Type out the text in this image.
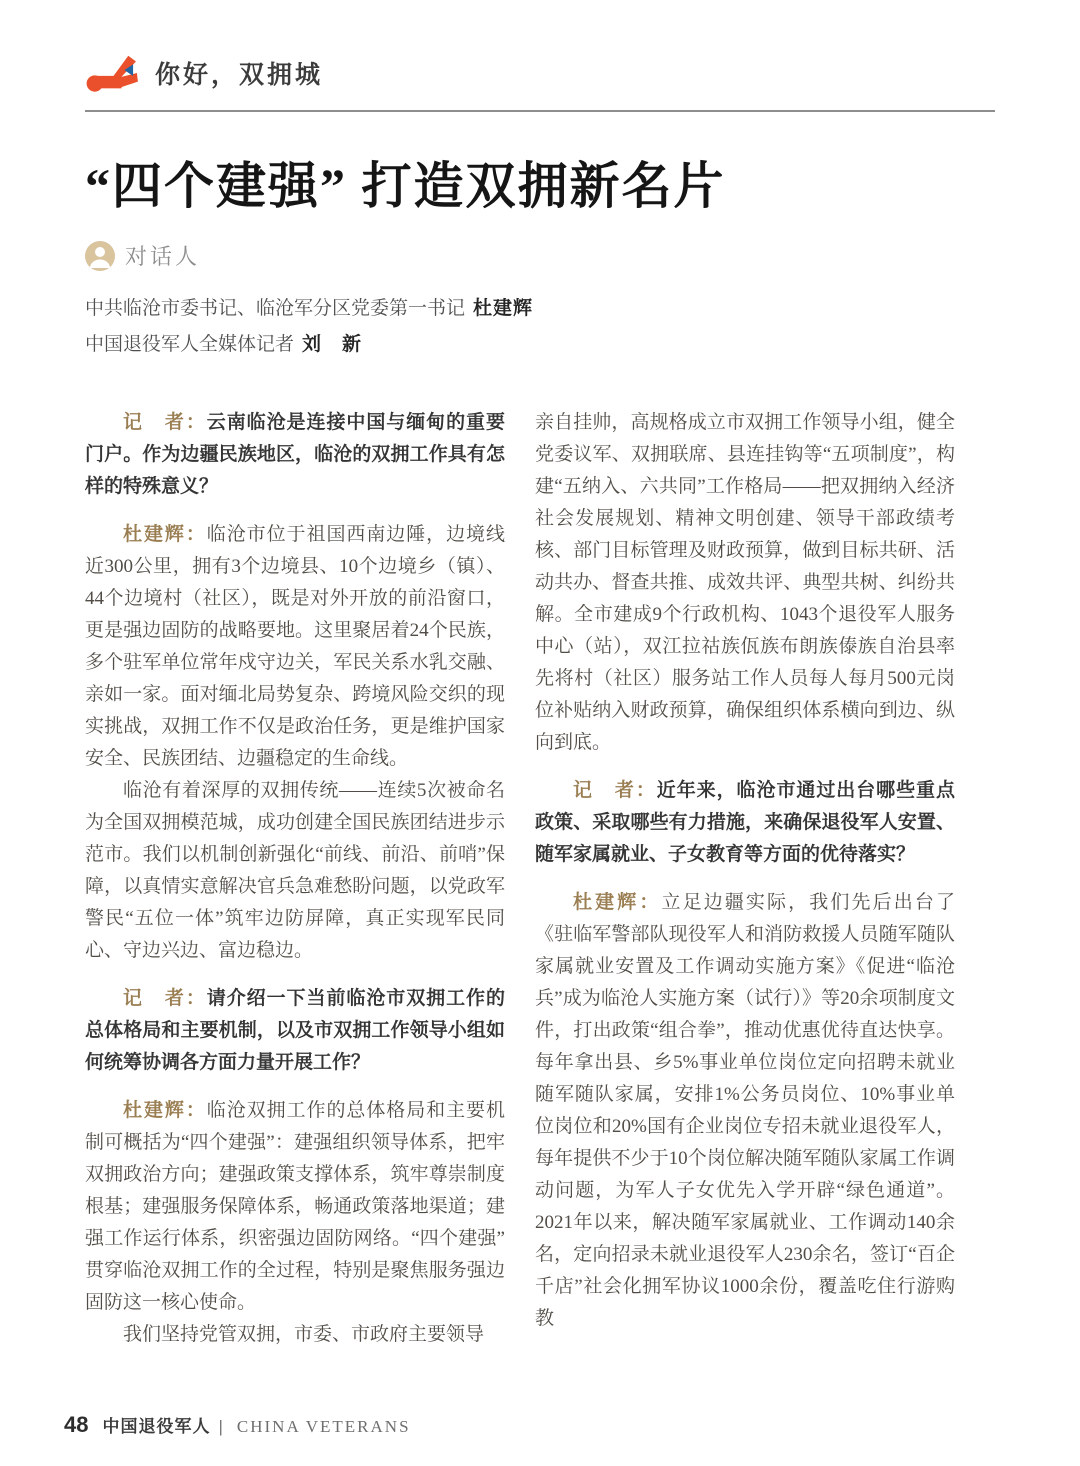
你好，双拥城
“四个建强” 打造双拥新名片
对话人
中共临沧市委书记、临沧军分区党委第一书记 杜建辉
中国退役军人全媒体记者 刘　新

记　者：云南临沧是连接中国与缅甸的重要门户。作为边疆民族地区，临沧的双拥工作具有怎样的特殊意义？

杜建辉：临沧市位于祖国西南边陲，边境线近300公里，拥有3个边境县、10个边境乡（镇）、44个边境村（社区），既是对外开放的前沿窗口，更是强边固防的战略要地。这里聚居着24个民族，多个驻军单位常年戍守边关，军民关系水乳交融、亲如一家。面对缅北局势复杂、跨境风险交织的现实挑战，双拥工作不仅是政治任务，更是维护国家安全、民族团结、边疆稳定的生命线。

临沧有着深厚的双拥传统——连续5次被命名为全国双拥模范城，成功创建全国民族团结进步示范市。我们以机制创新强化“前线、前沿、前哨”保障，以真情实意解决官兵急难愁盼问题，以党政军警民“五位一体”筑牢边防屏障，真正实现军民同心、守边兴边、富边稳边。

记　者：请介绍一下当前临沧市双拥工作的总体格局和主要机制，以及市双拥工作领导小组如何统筹协调各方面力量开展工作？

杜建辉：临沧双拥工作的总体格局和主要机制可概括为“四个建强”：建强组织领导体系，把牢双拥政治方向；建强政策支撑体系，筑牢尊崇制度根基；建强服务保障体系，畅通政策落地渠道；建强工作运行体系，织密强边固防网络。“四个建强”贯穿临沧双拥工作的全过程，特别是聚焦服务强边固防这一核心使命。

我们坚持党管双拥，市委、市政府主要领导

亲自挂帅，高规格成立市双拥工作领导小组，健全党委议军、双拥联席、县连挂钩等“五项制度”，构建“五纳入、六共同”工作格局——把双拥纳入经济社会发展规划、精神文明创建、领导干部政绩考核、部门目标管理及财政预算，做到目标共研、活动共办、督查共推、成效共评、典型共树、纠纷共解。全市建成9个行政机构、1043个退役军人服务中心（站），双江拉祜族佤族布朗族傣族自治县率先将村（社区）服务站工作人员每人每月500元岗位补贴纳入财政预算，确保组织体系横向到边、纵向到底。

记　者：近年来，临沧市通过出台哪些重点政策、采取哪些有力措施，来确保退役军人安置、随军家属就业、子女教育等方面的优待落实？

杜建辉：立足边疆实际，我们先后出台了《驻临军警部队现役军人和消防救援人员随军随队家属就业安置及工作调动实施方案》《促进“临沧兵”成为临沧人实施方案（试行）》等20余项制度文件，打出政策“组合拳”，推动优惠优待直达快享。每年拿出县、乡5%事业单位岗位定向招聘未就业随军随队家属，安排1%公务员岗位、10%事业单位岗位和20%国有企业岗位专招未就业退役军人，每年提供不少于10个岗位解决随军随队家属工作调动问题，为军人子女优先入学开辟“绿色通道”。2021年以来，解决随军家属就业、工作调动140余名，定向招录未就业退役军人230余名，签订“百企千店”社会化拥军协议1000余份，覆盖吃住行游购教

48 中国退役军人 | CHINA VETERANS
